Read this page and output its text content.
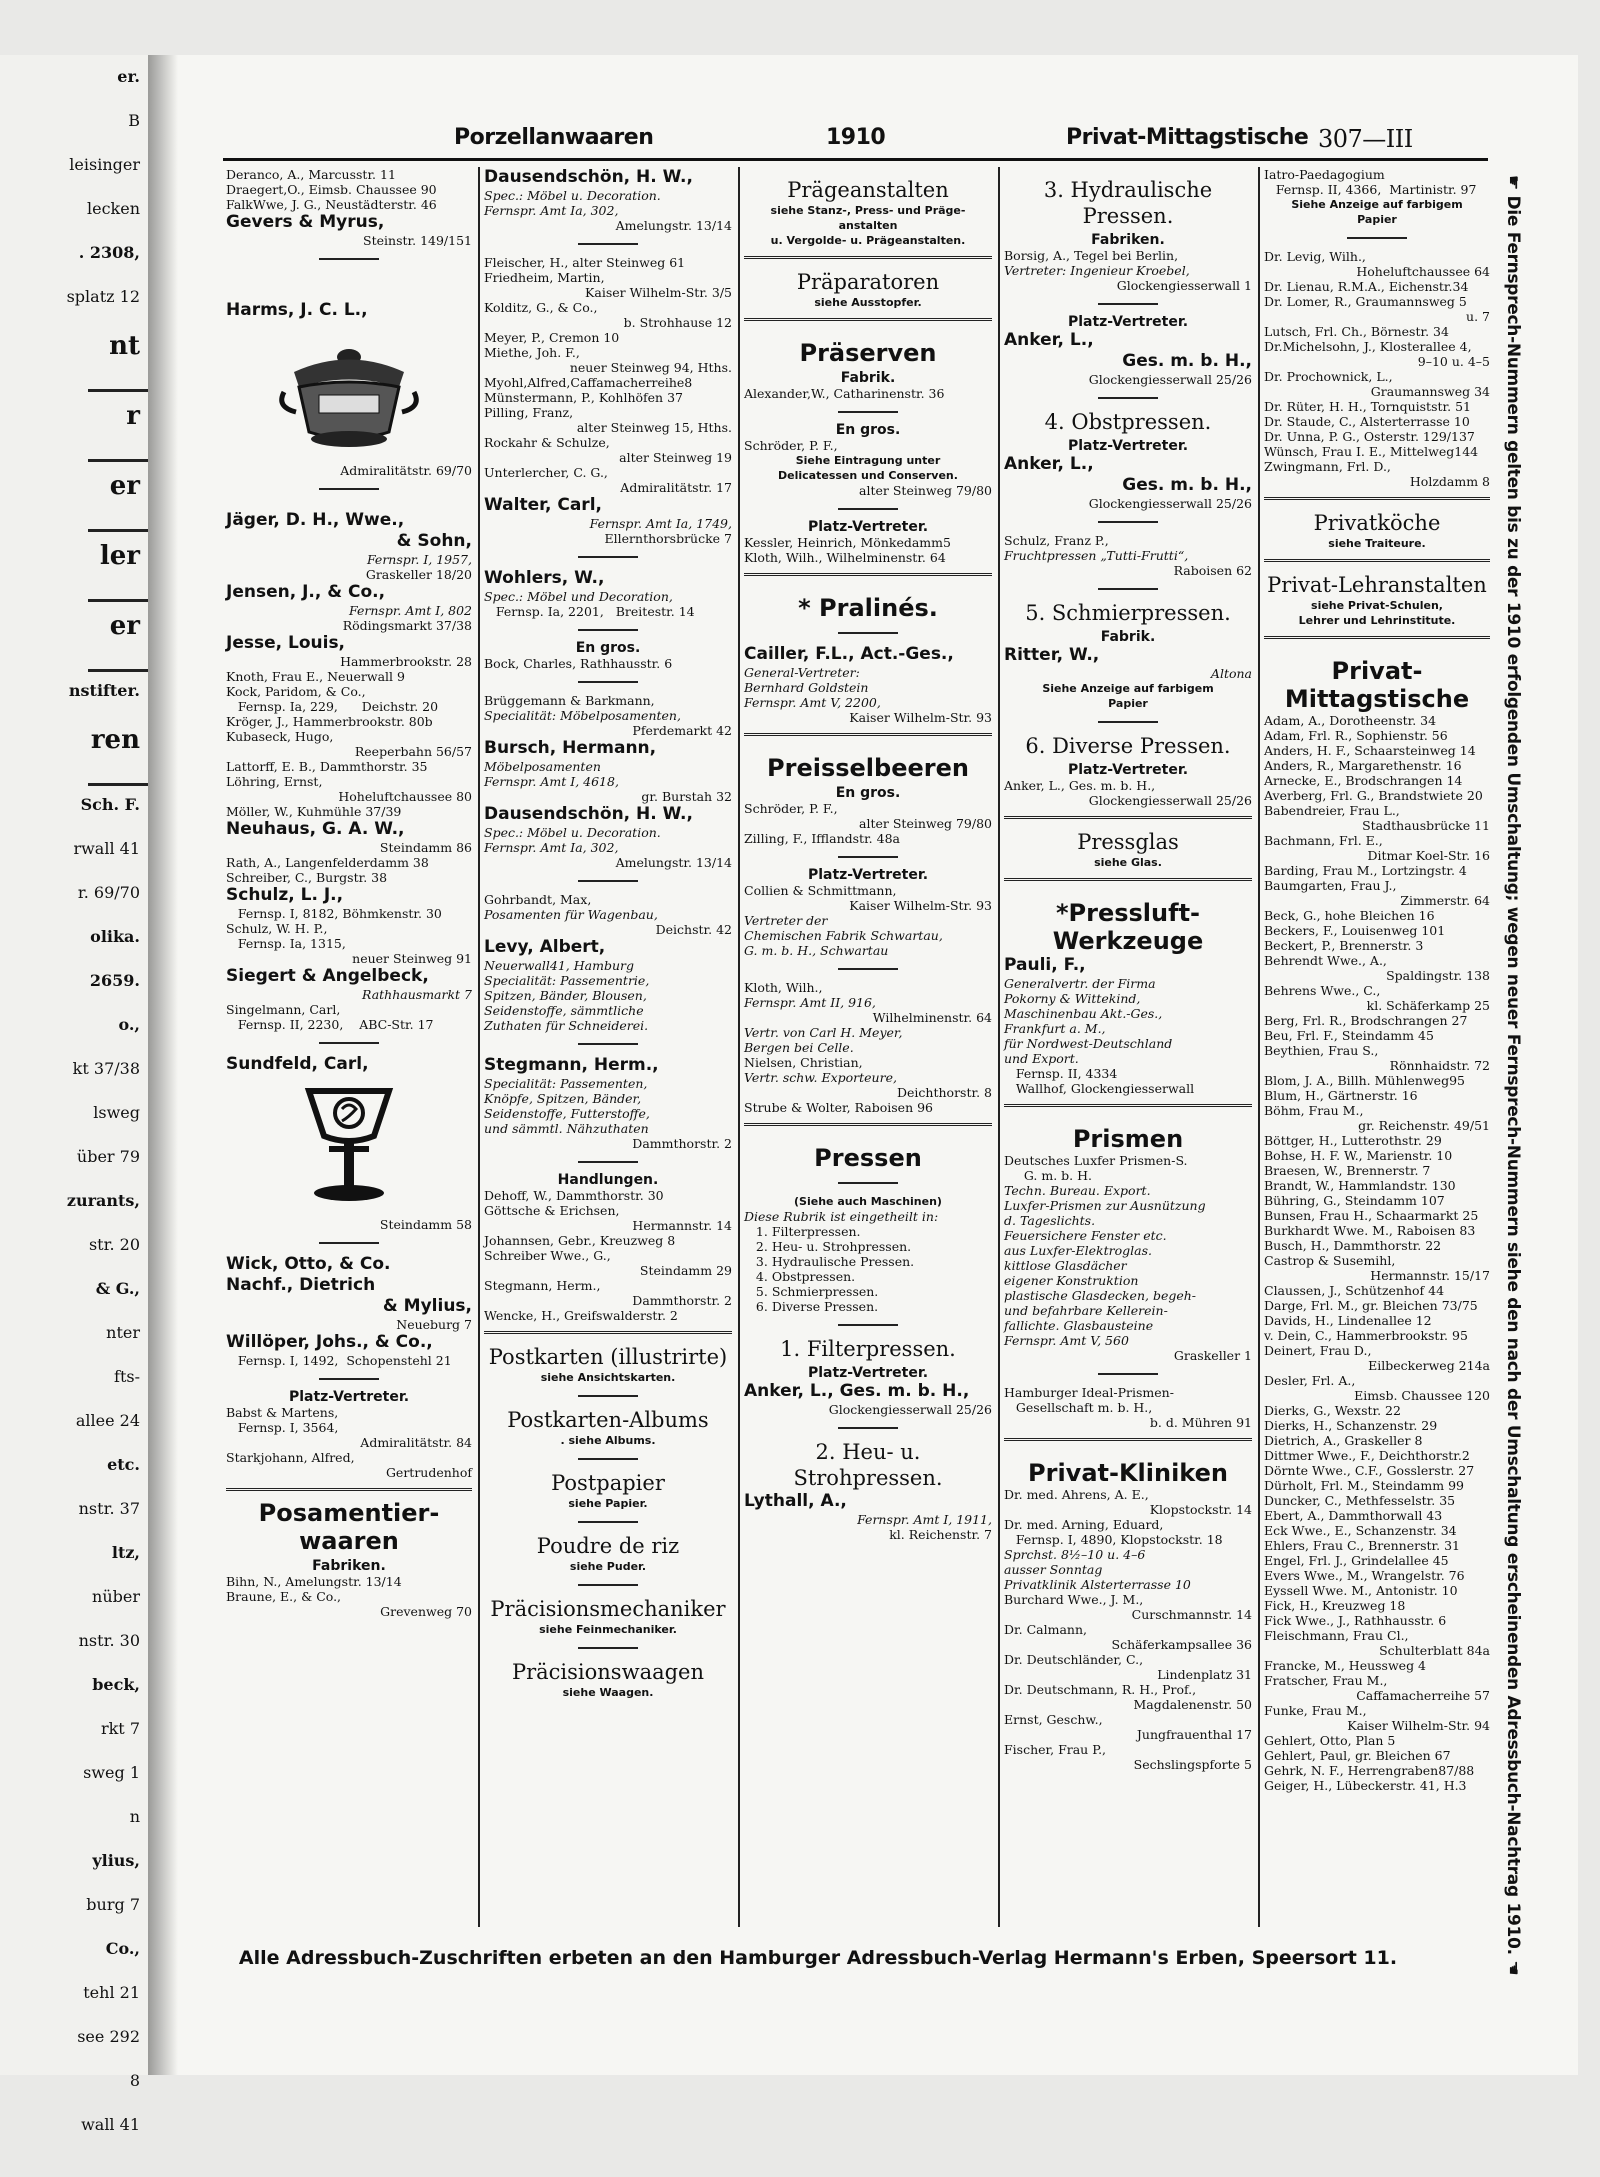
er.
B
leisinger
lecken
. 2308,
splatz 12
nt
r
er
ler
er
nstifter.
ren
Sch. F.
rwall 41
r. 69/70
olika.
2659.
o.,
kt 37/38
lsweg
über 79
zurants,
str. 20
& G.,
nter
fts-
allee 24
etc.
nstr. 37
ltz,
nüber
nstr. 30
beck,
rkt 7
sweg 1
n
ylius,
burg 7
Co.,
tehl 21
see 292
8
wall 41
Porzellanwaaren	1910	Privat-Mittagstische 307—III
Deranco, A., Marcusstr. 11
Draegert,O., Eimsb. Chaussee 90
FalkWwe, J. G., Neustädterstr. 46
Gevers & Myrus,
Steinstr. 149/151
Harms, J. C. L.,
Admiralitätstr. 69/70
Jäger, D. H., Wwe.,
& Sohn,
Fernspr. I, 1957,
Graskeller 18/20
Jensen, J., & Co.,
Fernspr. Amt I, 802
Rödingsmarkt 37/38
Jesse, Louis,
Hammerbrookstr. 28
Knoth, Frau E., Neuerwall 9
Kock, Paridom, & Co.,
Fernsp. Ia, 229,      Deichstr. 20
Kröger, J., Hammerbrookstr. 80b
Kubaseck, Hugo,
Reeperbahn 56/57
Lattorff, E. B., Dammthorstr. 35
Löhring, Ernst,
Hoheluftchaussee 80
Möller, W., Kuhmühle 37/39
Neuhaus, G. A. W.,
Steindamm 86
Rath, A., Langenfelderdamm 38
Schreiber, C., Burgstr. 38
Schulz, L. J.,
Fernsp. I, 8182, Böhmkenstr. 30
Schulz, W. H. P.,
Fernsp. Ia, 1315,
neuer Steinweg 91
Siegert & Angelbeck,
Rathhausmarkt 7
Singelmann, Carl,
Fernsp. II, 2230,    ABC-Str. 17
Sundfeld, Carl,
Steindamm 58
Wick, Otto, & Co.
Nachf., Dietrich
& Mylius,
Neueburg 7
Willöper, Johs., & Co.,
Fernsp. I, 1492,  Schopenstehl 21
Platz-Vertreter.
Babst & Martens,
Fernsp. I, 3564,
Admiralitätstr. 84
Starkjohann, Alfred,
Gertrudenhof
Posamentier-
waaren
Fabriken.
Bihn, N., Amelungstr. 13/14
Braune, E., & Co.,
Grevenweg 70
Dausendschön, H. W.,
Spec.: Möbel u. Decoration.
Fernspr. Amt Ia, 302,
Amelungstr. 13/14
Fleischer, H., alter Steinweg 61
Friedheim, Martin,
Kaiser Wilhelm-Str. 3/5
Kolditz, G., & Co.,
b. Strohhause 12
Meyer, P., Cremon 10
Miethe, Joh. F.,
neuer Steinweg 94, Hths.
Myohl,Alfred,Caffamacherreihe8
Münstermann, P., Kohlhöfen 37
Pilling, Franz,
alter Steinweg 15, Hths.
Rockahr & Schulze,
alter Steinweg 19
Unterlercher, C. G.,
Admiralitätstr. 17
Walter, Carl,
Fernspr. Amt Ia, 1749,
Ellernthorsbrücke 7
Wohlers, W.,
Spec.: Möbel und Decoration,
Fernsp. Ia, 2201,   Breitestr. 14
En gros.
Bock, Charles, Rathhausstr. 6
Brüggemann & Barkmann,
Specialität: Möbelposamenten,
Pferdemarkt 42
Bursch, Hermann,
Möbelposamenten
Fernspr. Amt I, 4618,
gr. Burstah 32
Dausendschön, H. W.,
Spec.: Möbel u. Decoration.
Fernspr. Amt Ia, 302,
Amelungstr. 13/14
Gohrbandt, Max,
Posamenten für Wagenbau,
Deichstr. 42
Levy, Albert,
Neuerwall41, Hamburg
Specialität: Passementrie,
Spitzen, Bänder, Blousen,
Seidenstoffe, sämmtliche
Zuthaten für Schneiderei.
Stegmann, Herm.,
Specialität: Passementen,
Knöpfe, Spitzen, Bänder,
Seidenstoffe, Futterstoffe,
und sämmtl. Nähzuthaten
Dammthorstr. 2
Handlungen.
Dehoff, W., Dammthorstr. 30
Göttsche & Erichsen,
Hermannstr. 14
Johannsen, Gebr., Kreuzweg 8
Schreiber Wwe., G.,
Steindamm 29
Stegmann, Herm.,
Dammthorstr. 2
Wencke, H., Greifswalderstr. 2
Postkarten (illustrirte)
siehe Ansichtskarten.
Postkarten-Albums
. siehe Albums.
Postpapier
siehe Papier.
Poudre de riz
siehe Puder.
Präcisionsmechaniker
siehe Feinmechaniker.
Präcisionswaagen
siehe Waagen.
Prägeanstalten
siehe Stanz-, Press- und Präge-
anstalten
u. Vergolde- u. Prägeanstalten.
Präparatoren
siehe Ausstopfer.
Präserven
Fabrik.
Alexander,W., Catharinenstr. 36
En gros.
Schröder, P. F.,
Siehe Eintragung unter
Delicatessen und Conserven.
alter Steinweg 79/80
Platz-Vertreter.
Kessler, Heinrich, Mönkedamm5
Kloth, Wilh., Wilhelminenstr. 64
* Pralinés.
Cailler, F.L., Act.-Ges.,
General-Vertreter:
Bernhard Goldstein
Fernspr. Amt V, 2200,
Kaiser Wilhelm-Str. 93
Preisselbeeren
En gros.
Schröder, P. F.,
alter Steinweg 79/80
Zilling, F., Ifflandstr. 48a
Platz-Vertreter.
Collien & Schmittmann,
Kaiser Wilhelm-Str. 93
Vertreter der
Chemischen Fabrik Schwartau,
G. m. b. H., Schwartau
Kloth, Wilh.,
Fernspr. Amt II, 916,
Wilhelminenstr. 64
Vertr. von Carl H. Meyer,
Bergen bei Celle.
Nielsen, Christian,
Vertr. schw. Exporteure,
Deichthorstr. 8
Strube & Wolter, Raboisen 96
Pressen
(Siehe auch Maschinen)
Diese Rubrik ist eingetheilt in:
1. Filterpressen.
2. Heu- u. Strohpressen.
3. Hydraulische Pressen.
4. Obstpressen.
5. Schmierpressen.
6. Diverse Pressen.
1. Filterpressen.
Platz-Vertreter.
Anker, L., Ges. m. b. H.,
Glockengiesserwall 25/26
2. Heu- u. Strohpressen.
Lythall, A.,
Fernspr. Amt I, 1911,
kl. Reichenstr. 7
3. Hydraulische Pressen.
Fabriken.
Borsig, A., Tegel bei Berlin,
Vertreter: Ingenieur Kroebel,
Glockengiesserwall 1
Platz-Vertreter.
Anker, L.,
Ges. m. b. H.,
Glockengiesserwall 25/26
4. Obstpressen.
Platz-Vertreter.
Anker, L.,
Ges. m. b. H.,
Glockengiesserwall 25/26
Schulz, Franz P.,
Fruchtpressen „Tutti-Frutti“,
Raboisen 62
5. Schmierpressen.
Fabrik.
Ritter, W.,
Altona
Siehe Anzeige auf farbigem
Papier
6. Diverse Pressen.
Platz-Vertreter.
Anker, L., Ges. m. b. H.,
Glockengiesserwall 25/26
Pressglas
siehe Glas.
*Pressluft-
Werkzeuge
Pauli, F.,
Generalvertr. der Firma
Pokorny & Wittekind,
Maschinenbau Akt.-Ges.,
Frankfurt a. M.,
für Nordwest-Deutschland
und Export.
Fernsp. II, 4334
Wallhof, Glockengiesserwall
Prismen
Deutsches Luxfer Prismen-S.
G. m. b. H.
Techn. Bureau. Export.
Luxfer-Prismen zur Ausnützung
d. Tageslichts.
Feuersichere Fenster etc.
aus Luxfer-Elektroglas.
kittlose Glasdächer
eigener Konstruktion
plastische Glasdecken, begeh-
und befahrbare Kellerein-
fallichte. Glasbausteine
Fernspr. Amt V, 560
Graskeller 1
Hamburger Ideal-Prismen-
Gesellschaft m. b. H.,
b. d. Mühren 91
Privat-Kliniken
Dr. med. Ahrens, A. E.,
Klopstockstr. 14
Dr. med. Arning, Eduard,
Fernsp. I, 4890, Klopstockstr. 18
Sprchst. 8½–10 u. 4–6
ausser Sonntag
Privatklinik Alsterterrasse 10
Burchard Wwe., J. M.,
Curschmannstr. 14
Dr. Calmann,
Schäferkampsallee 36
Dr. Deutschländer, C.,
Lindenplatz 31
Dr. Deutschmann, R. H., Prof.,
Magdalenenstr. 50
Ernst, Geschw.,
Jungfrauenthal 17
Fischer, Frau P.,
Sechslingspforte 5
Iatro-Paedagogium
Fernsp. II, 4366,  Martinistr. 97
Siehe Anzeige auf farbigem
Papier
Dr. Levig, Wilh.,
Hoheluftchaussee 64
Dr. Lienau, R.M.A., Eichenstr.34
Dr. Lomer, R., Graumannsweg 5
u. 7
Lutsch, Frl. Ch., Börnestr. 34
Dr.Michelsohn, J., Klosterallee 4,
9–10 u. 4–5
Dr. Prochownick, L.,
Graumannsweg 34
Dr. Rüter, H. H., Tornquiststr. 51
Dr. Staude, C., Alsterterrasse 10
Dr. Unna, P. G., Osterstr. 129/137
Wünsch, Frau I. E., Mittelweg144
Zwingmann, Frl. D.,
Holzdamm 8
Privatköche
siehe Traiteure.
Privat-Lehranstalten
siehe Privat-Schulen,
Lehrer und Lehrinstitute.
Privat-
Mittagstische
Adam, A., Dorotheenstr. 34
Adam, Frl. R., Sophienstr. 56
Anders, H. F., Schaarsteinweg 14
Anders, R., Margarethenstr. 16
Arnecke, E., Brodschrangen 14
Averberg, Frl. G., Brandstwiete 20
Babendreier, Frau L.,
Stadthausbrücke 11
Bachmann, Frl. E.,
Ditmar Koel-Str. 16
Barding, Frau M., Lortzingstr. 4
Baumgarten, Frau J.,
Zimmerstr. 64
Beck, G., hohe Bleichen 16
Beckers, F., Louisenweg 101
Beckert, P., Brennerstr. 3
Behrendt Wwe., A.,
Spaldingstr. 138
Behrens Wwe., C.,
kl. Schäferkamp 25
Berg, Frl. R., Brodschrangen 27
Beu, Frl. F., Steindamm 45
Beythien, Frau S.,
Rönnhaidstr. 72
Blom, J. A., Billh. Mühlenweg95
Blum, H., Gärtnerstr. 16
Böhm, Frau M.,
gr. Reichenstr. 49/51
Böttger, H., Lutterothstr. 29
Bohse, H. F. W., Marienstr. 10
Braesen, W., Brennerstr. 7
Brandt, W., Hammlandstr. 130
Bühring, G., Steindamm 107
Bunsen, Frau H., Schaarmarkt 25
Burkhardt Wwe. M., Raboisen 83
Busch, H., Dammthorstr. 22
Castrop & Susemihl,
Hermannstr. 15/17
Claussen, J., Schützenhof 44
Darge, Frl. M., gr. Bleichen 73/75
Davids, H., Lindenallee 12
v. Dein, C., Hammerbrookstr. 95
Deinert, Frau D.,
Eilbeckerweg 214a
Desler, Frl. A.,
Eimsb. Chaussee 120
Dierks, G., Wexstr. 22
Dierks, H., Schanzenstr. 29
Dietrich, A., Graskeller 8
Dittmer Wwe., F., Deichthorstr.2
Dörnte Wwe., C.F., Gosslerstr. 27
Dürholt, Frl. M., Steindamm 99
Duncker, C., Methfesselstr. 35
Ebert, A., Dammthorwall 43
Eck Wwe., E., Schanzenstr. 34
Ehlers, Frau C., Brennerstr. 31
Engel, Frl. J., Grindelallee 45
Evers Wwe., M., Wrangelstr. 76
Eyssell Wwe. M., Antonistr. 10
Fick, H., Kreuzweg 18
Fick Wwe., J., Rathhausstr. 6
Fleischmann, Frau Cl.,
Schulterblatt 84a
Francke, M., Heussweg 4
Fratscher, Frau M.,
Caffamacherreihe 57
Funke, Frau M.,
Kaiser Wilhelm-Str. 94
Gehlert, Otto, Plan 5
Gehlert, Paul, gr. Bleichen 67
Gehrk, N. F., Herrengraben87/88
Geiger, H., Lübeckerstr. 41, H.3	☛ Die Fernsprech-Nummern gelten bis zu der 1910 erfolgenden Umschaltung; wegen neuer Fernsprech-Nummern siehe den nach der Umschaltung erscheinenden Adressbuch-Nachtrag 1910. ☚
Alle Adressbuch-Zuschriften erbeten an den Hamburger Adressbuch-Verlag Hermann's Erben, Speersort 11.
